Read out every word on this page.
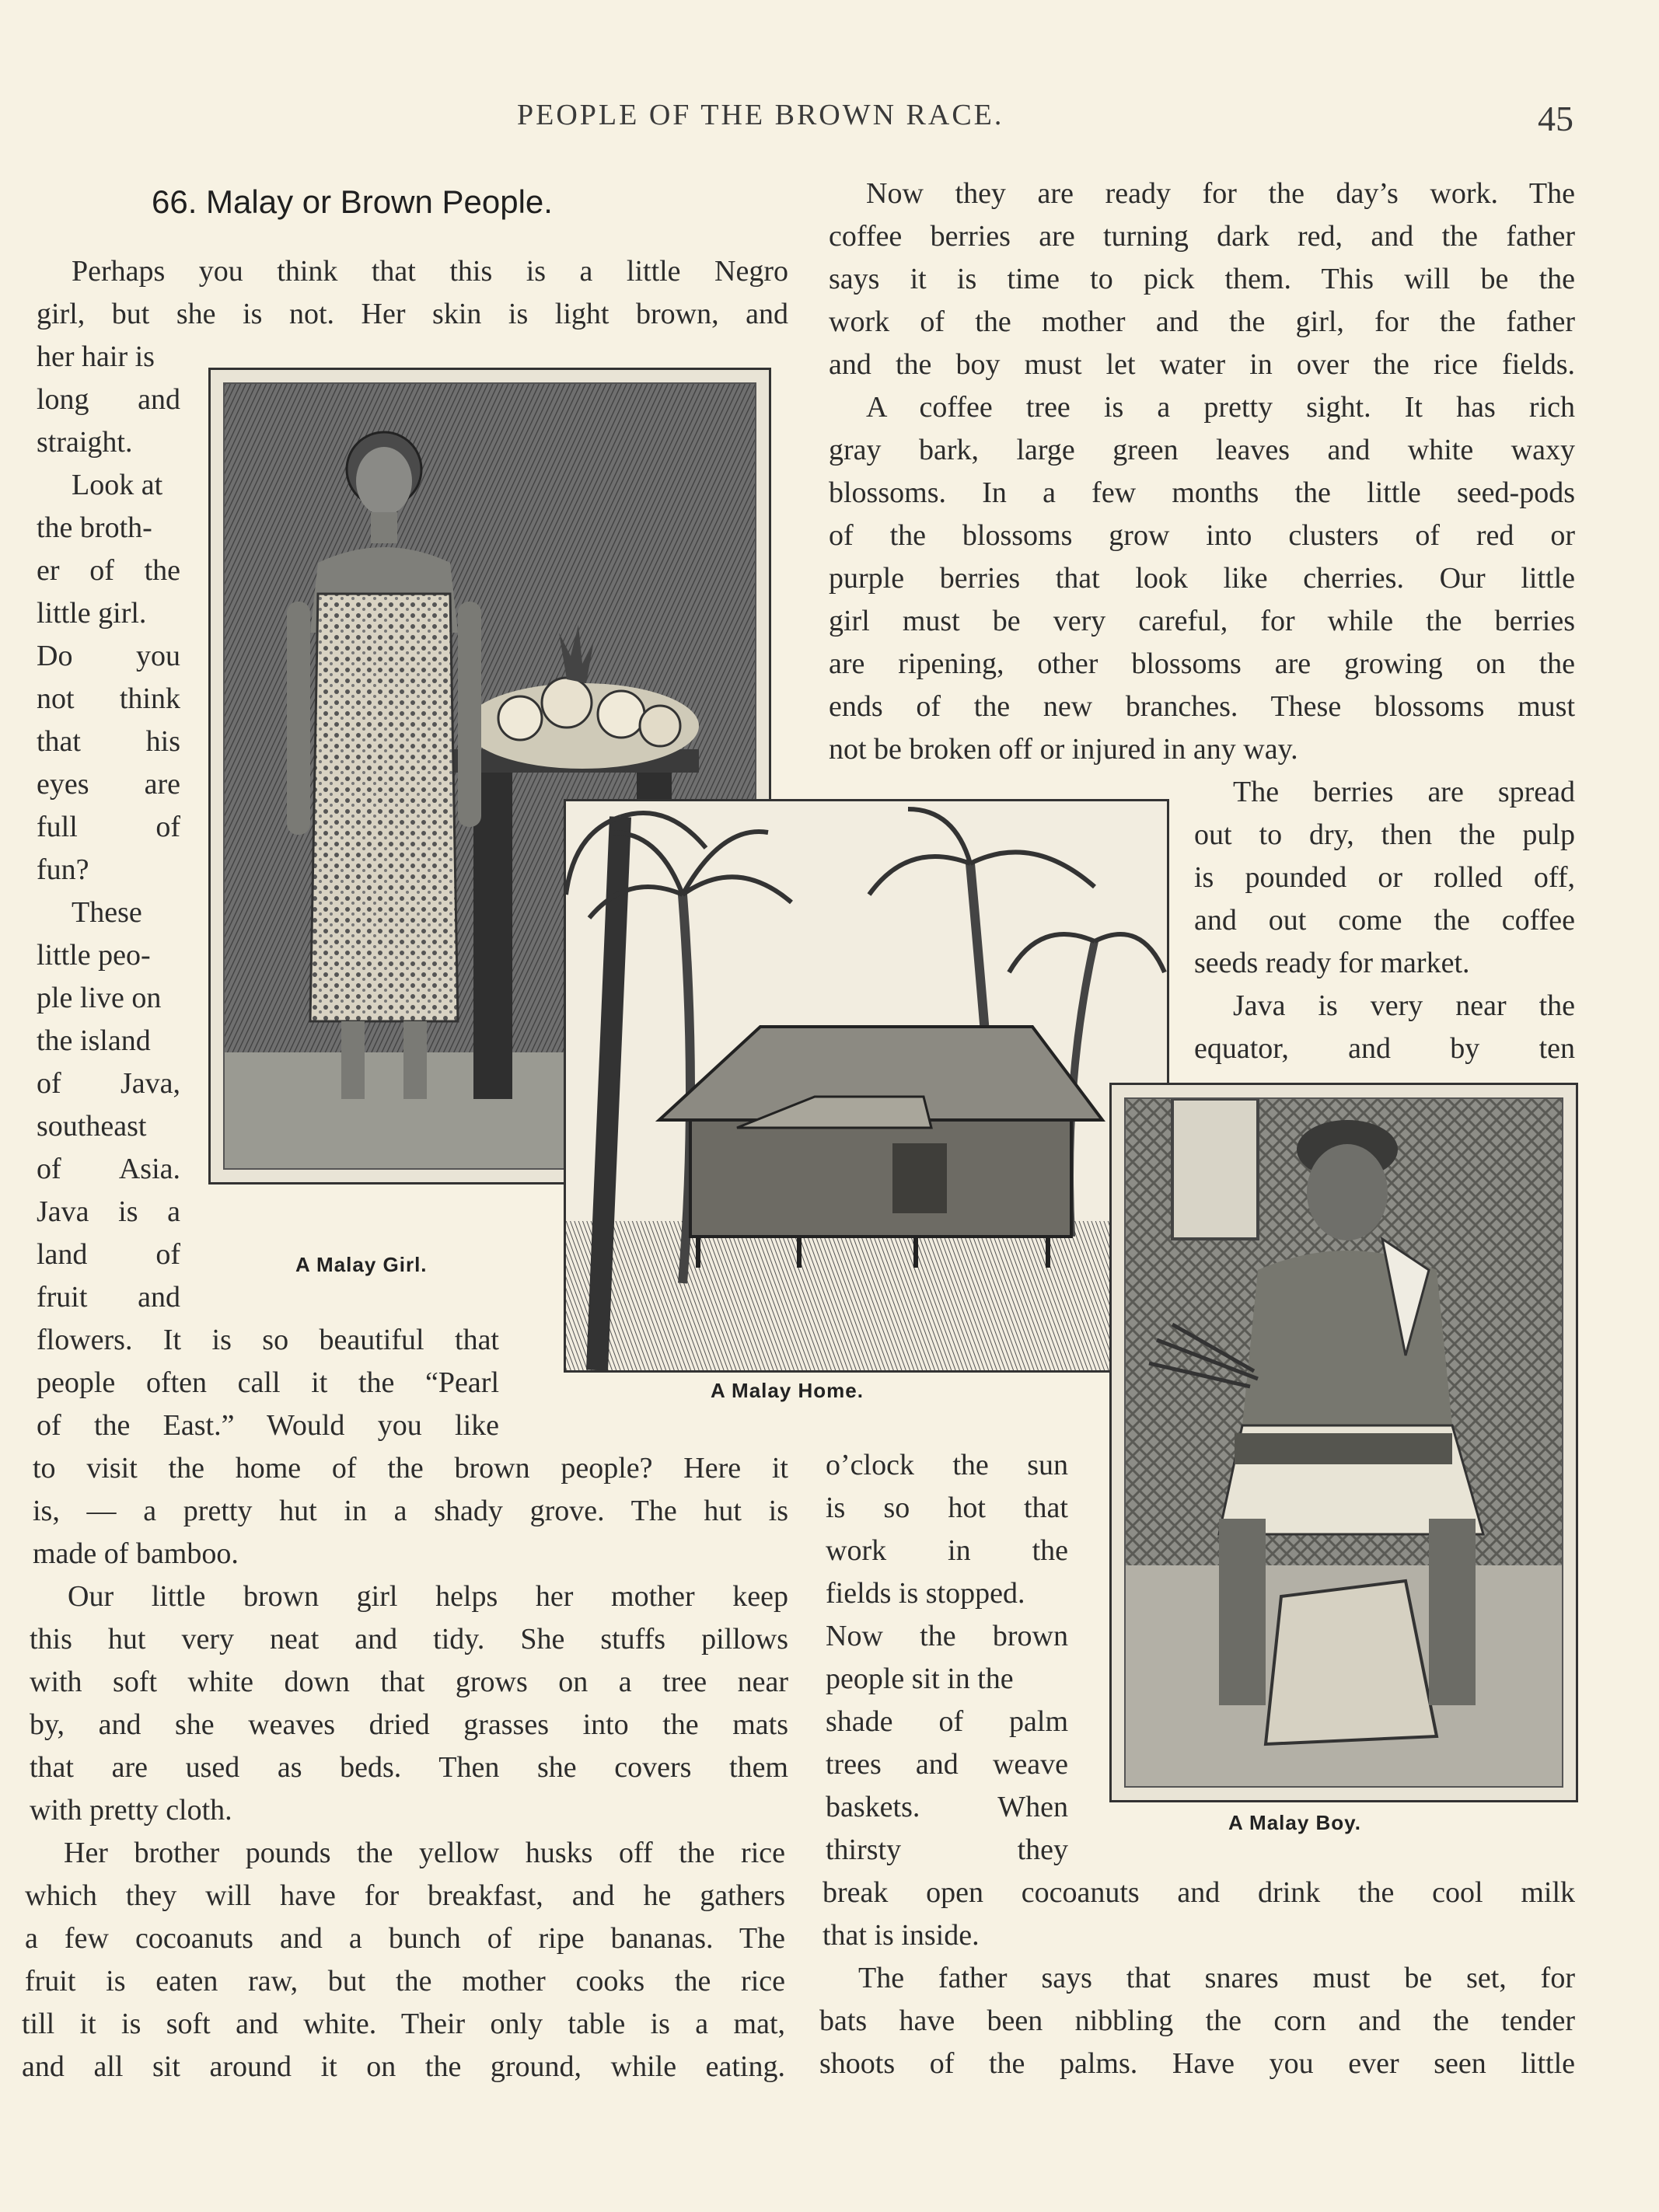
PEOPLE OF THE BROWN RACE.	45
66. Malay or Brown People.
A Malay Girl.
A Malay Home.
A Malay Boy.
Perhaps you think that this is a little Negro
girl, but she is not. Her skin is light brown, and
her hair is
long and
straight.
Look at
the broth-
er of the
little girl.
Do you
not think
that his
eyes are
full of
fun?
These
little peo-
ple live on
the island
of Java,
southeast
of Asia.
Java is a
land of
fruit and
flowers. It is so beautiful that
people often call it the “Pearl
of the East.” Would you like
to visit the home of the brown people? Here it
is, — a pretty hut in a shady grove. The hut is
made of bamboo.
Our little brown girl helps her mother keep
this hut very neat and tidy. She stuffs pillows
with soft white down that grows on a tree near
by, and she weaves dried grasses into the mats
that are used as beds. Then she covers them
with pretty cloth.
Her brother pounds the yellow husks off the rice
which they will have for breakfast, and he gathers
a few cocoanuts and a bunch of ripe bananas. The
fruit is eaten raw, but the mother cooks the rice
till it is soft and white. Their only table is a mat,
and all sit around it on the ground, while eating.
Now they are ready for the day’s work. The
coffee berries are turning dark red, and the father
says it is time to pick them. This will be the
work of the mother and the girl, for the father
and the boy must let water in over the rice fields.
A coffee tree is a pretty sight. It has rich
gray bark, large green leaves and white waxy
blossoms. In a few months the little seed-pods
of the blossoms grow into clusters of red or
purple berries that look like cherries. Our little
girl must be very careful, for while the berries
are ripening, other blossoms are growing on the
ends of the new branches. These blossoms must
not be broken off or injured in any way.
The berries are spread
out to dry, then the pulp
is pounded or rolled off,
and out come the coffee
seeds ready for market.
Java is very near the
equator, and by ten
o’clock the sun
is so hot that
work in the
fields is stopped.
Now the brown
people sit in the
shade of palm
trees and weave
baskets. When
thirsty they
break open cocoanuts and drink the cool milk
that is inside.
The father says that snares must be set, for
bats have been nibbling the corn and the tender
shoots of the palms. Have you ever seen little
